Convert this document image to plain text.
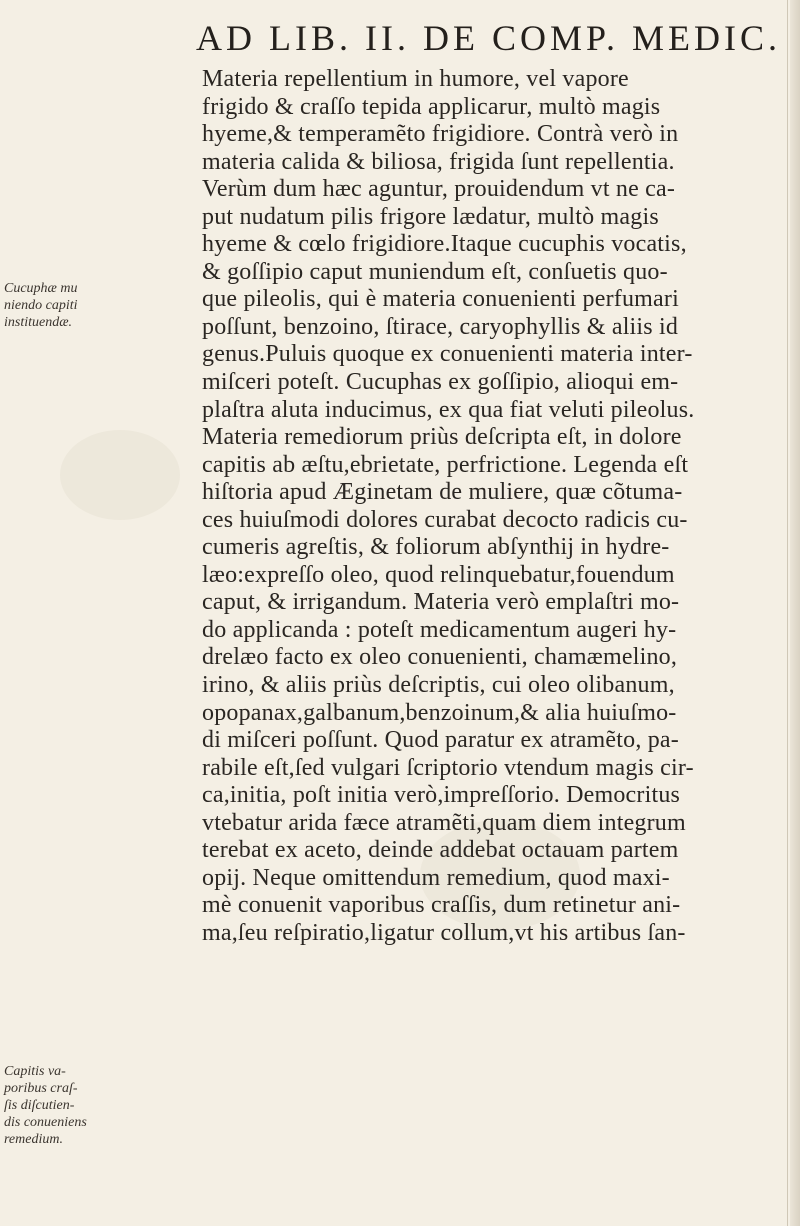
AD LIB. II. DE COMP. MEDIC.
Cucuphæ mu
niendo capiti
instituendæ.
Capitis va-
poribus craſ-
ſis diſcutien-
dis conueniens
remedium.
Materia repellentium in humore, vel vapore
frigido & craſſo tepida applicarur, multò magis
hyeme,& temperamẽto frigidiore. Contrà verò in
materia calida & biliosa, frigida ſunt repellentia.
Verùm dum hæc aguntur, prouidendum vt ne ca-
put nudatum pilis frigore lædatur, multò magis
hyeme & cœlo frigidiore.Itaque cucuphis vocatis,
& goſſipio caput muniendum eſt, conſuetis quo-
que pileolis, qui è materia conuenienti perfumari
poſſunt, benzoino, ſtirace, caryophyllis & aliis id
genus.Puluis quoque ex conuenienti materia inter-
miſceri poteſt. Cucuphas ex goſſipio, alioqui em-
plaſtra aluta inducimus, ex qua fiat veluti pileolus.
Materia remediorum priùs deſcripta eſt, in dolore
capitis ab æſtu,ebrietate, perfrictione. Legenda eſt
hiſtoria apud Æginetam de muliere, quæ cõtuma-
ces huiuſmodi dolores curabat decocto radicis cu-
cumeris agreſtis, & foliorum abſynthij in hydre-
læo:expreſſo oleo, quod relinquebatur,fouendum
caput, & irrigandum. Materia verò emplaſtri mo-
do applicanda : poteſt medicamentum augeri hy-
drelæo facto ex oleo conuenienti, chamæmelino,
irino, & aliis priùs deſcriptis, cui oleo olibanum,
opopanax,galbanum,benzoinum,& alia huiuſmo-
di miſceri poſſunt. Quod paratur ex atramẽto, pa-
rabile eſt,ſed vulgari ſcriptorio vtendum magis cir-
ca,initia, poſt initia verò,impreſſorio. Democritus
vtebatur arida fæce atramẽti,quam diem integrum
terebat ex aceto, deinde addebat octauam partem
opij. Neque omittendum remedium, quod maxi-
mè conuenit vaporibus craſſis, dum retinetur ani-
ma,ſeu reſpiratio,ligatur collum,vt his artibus ſan-
